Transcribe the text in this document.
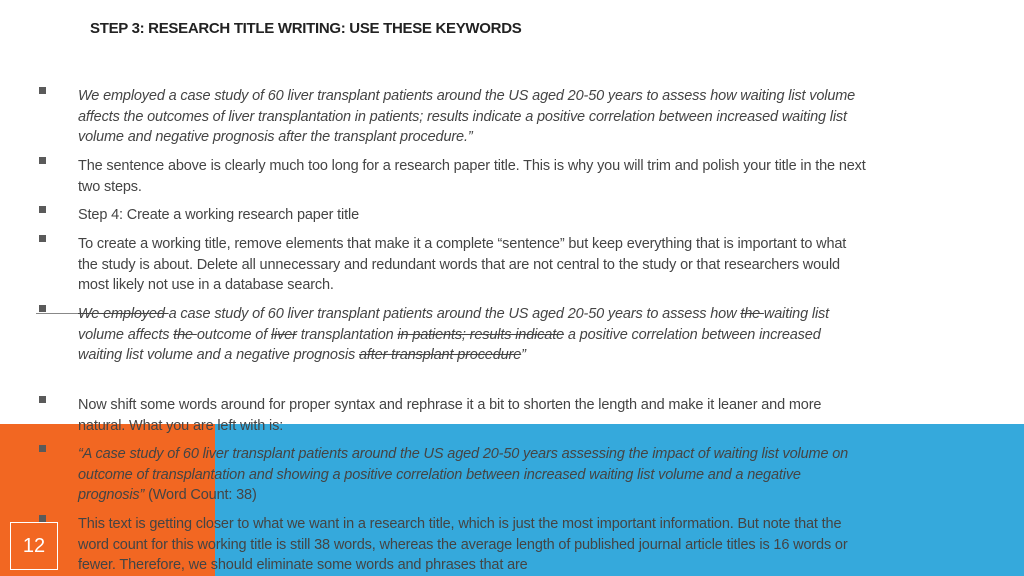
STEP 3: RESEARCH TITLE WRITING: USE THESE KEYWORDS
We employed a case study of 60 liver transplant patients around the US aged 20-50 years to assess how waiting list volume affects the outcomes of liver transplantation in patients; results indicate a positive correlation between increased waiting list volume and negative prognosis after the transplant procedure.”
The sentence above is clearly much too long for a research paper title. This is why you will trim and polish your title in the next two steps.
Step 4: Create a working research paper title
To create a working title, remove elements that make it a complete “sentence” but keep everything that is important to what the study is about. Delete all unnecessary and redundant words that are not central to the study or that researchers would most likely not use in a database search.
We employed a case study of 60 liver transplant patients around the US aged 20-50 years to assess how the waiting list volume affects the outcome of liver transplantation in patients; results indicate a positive correlation between increased waiting list volume and a negative prognosis after transplant procedure”
Now shift some words around for proper syntax and rephrase it a bit to shorten the length and make it leaner and more natural. What you are left with is:
“A case study of 60 liver transplant patients around the US aged 20-50 years assessing the impact of waiting list volume on outcome of transplantation and showing a positive correlation between increased waiting list volume and a negative prognosis” (Word Count: 38)
This text is getting closer to what we want in a research title, which is just the most important information. But note that the word count for this working title is still 38 words, whereas the average length of published journal article titles is 16 words or fewer. Therefore, we should eliminate some words and phrases that are
12
